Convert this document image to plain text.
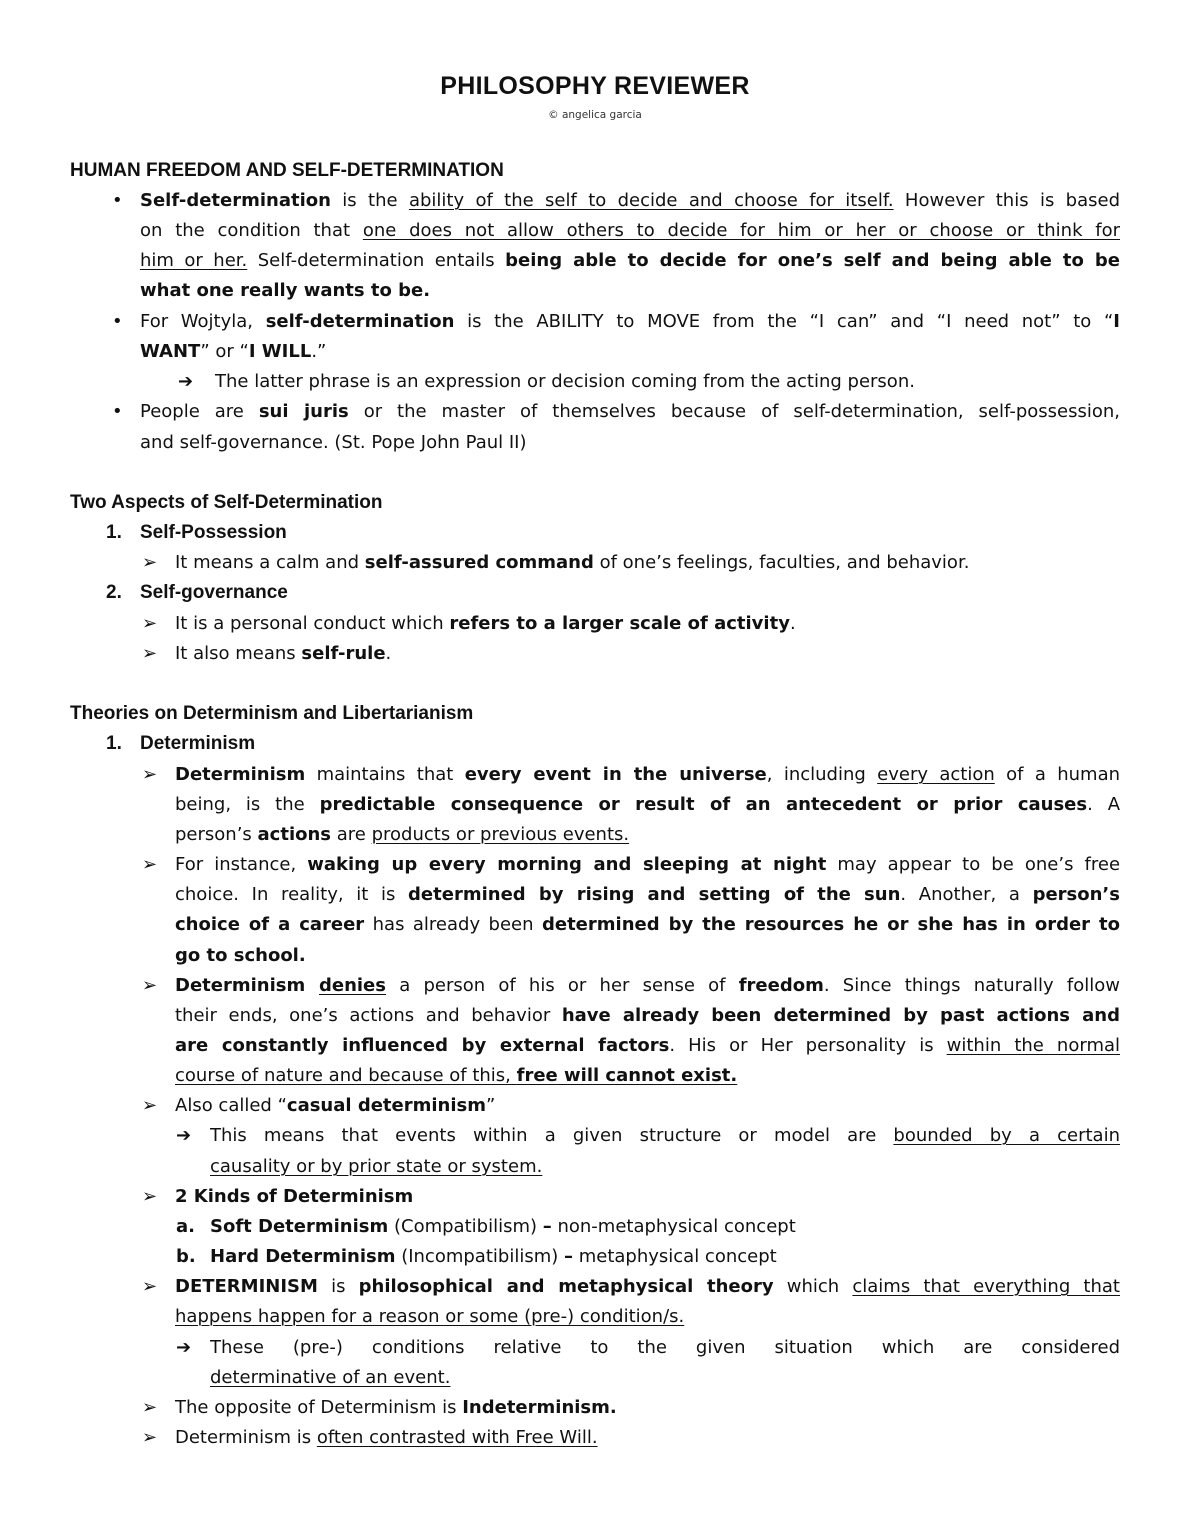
PHILOSOPHY REVIEWER
© angelica garcia
HUMAN FREEDOM AND SELF-DETERMINATION
• Self-determination is the ability of the self to decide and choose for itself. However this is based
on the condition that one does not allow others to decide for him or her or choose or think for
him or her. Self-determination entails being able to decide for one’s self and being able to be
what one really wants to be.
• For Wojtyla, self-determination is the ABILITY to MOVE from the “I can” and “I need not” to “I
WANT” or “I WILL.”
➔ The latter phrase is an expression or decision coming from the acting person.
• People are sui juris or the master of themselves because of self-determination, self-possession,
and self-governance. (St. Pope John Paul II)
Two Aspects of Self-Determination
1. Self-Possession
➢ It means a calm and self-assured command of one’s feelings, faculties, and behavior.
2. Self-governance
➢ It is a personal conduct which refers to a larger scale of activity.
➢ It also means self-rule.
Theories on Determinism and Libertarianism
1. Determinism
➢ Determinism maintains that every event in the universe, including every action of a human
being, is the predictable consequence or result of an antecedent or prior causes. A
person’s actions are products or previous events.
➢ For instance, waking up every morning and sleeping at night may appear to be one’s free
choice. In reality, it is determined by rising and setting of the sun. Another, a person’s
choice of a career has already been determined by the resources he or she has in order to
go to school.
➢ Determinism denies a person of his or her sense of freedom. Since things naturally follow
their ends, one’s actions and behavior have already been determined by past actions and
are constantly influenced by external factors. His or Her personality is within the normal
course of nature and because of this, free will cannot exist.
➢ Also called “casual determinism”
➔ This means that events within a given structure or model are bounded by a certain
causality or by prior state or system.
➢ 2 Kinds of Determinism
a. Soft Determinism (Compatibilism) – non-metaphysical concept
b. Hard Determinism (Incompatibilism) – metaphysical concept
➢ DETERMINISM is philosophical and metaphysical theory which claims that everything that
happens happen for a reason or some (pre-) condition/s.
➔ These (pre-) conditions relative to the given situation which are considered
determinative of an event.
➢ The opposite of Determinism is Indeterminism.
➢ Determinism is often contrasted with Free Will.
